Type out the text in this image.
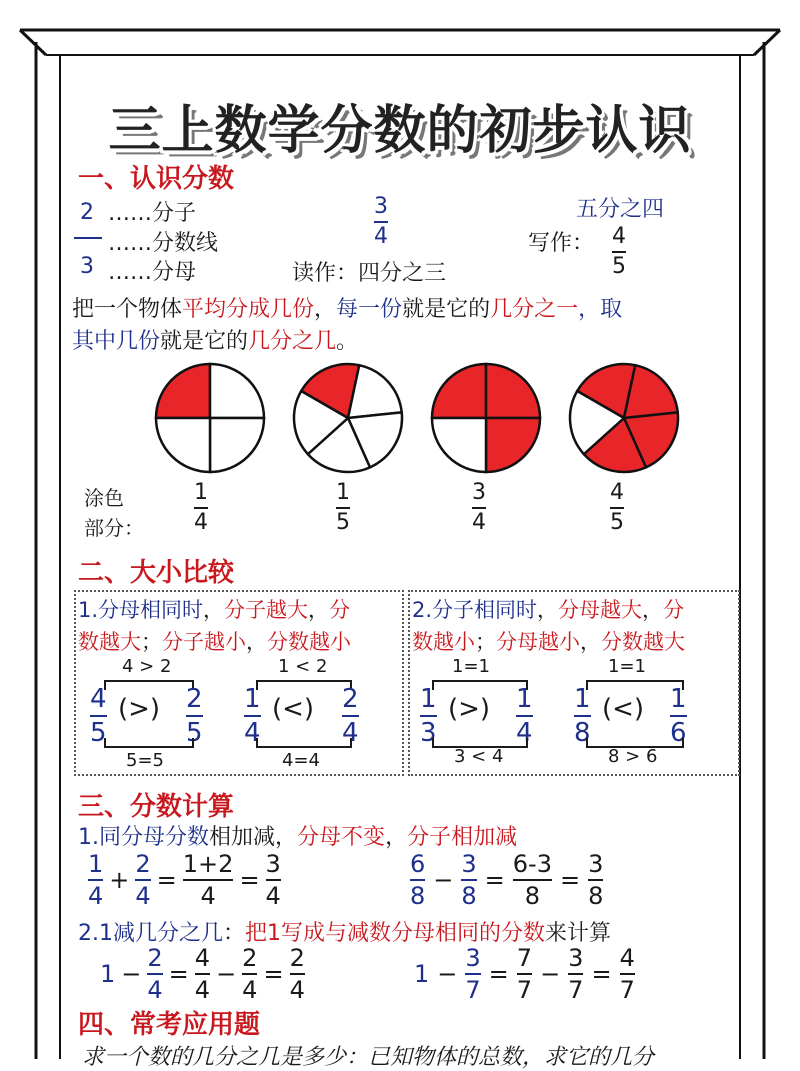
三上数学分数的初步认识
一、认识分数
2
3
……分子
……分数线
……分母
3
4
读作：四分之三
五分之四
写作： 4
5
把一个物体平均分成几份，每一份就是它的几分之一，取
其中几份就是它的几分之几。
涂色
部分：
1
4
1
5
3
4
4
5
二、大小比较
1.分母相同时，分子越大，分
数越大；分子越小，分数越小
2.分子相同时，分母越大，分
数越小；分母越小，分数越大
4 > 2
4
5
(>) 2
5
5=5
1 < 2
1
4
(<) 2
4
4=4
1=1
1
3
(>) 1
4
3 < 4
1=1
1
8
(<) 1
6
8 > 6
三、分数计算
1.同分母分数相加减，分母不变，分子相加减
$\frac{1}{4} + \frac{2}{4} = \frac{1+2}{4} = \frac{3}{4}$	$\frac{6}{8} - \frac{3}{8} = \frac{6-3}{8} = \frac{3}{8}$
2.1减几分之几：把1写成与减数分母相同的分数来计算
$1 - \frac{2}{4} = \frac{4}{4} - \frac{2}{4} = \frac{2}{4}$	$1 - \frac{3}{7} = \frac{7}{7} - \frac{3}{7} = \frac{4}{7}$
四、常考应用题
求一个数的几分之几是多少：已知物体的总数，求它的几分
